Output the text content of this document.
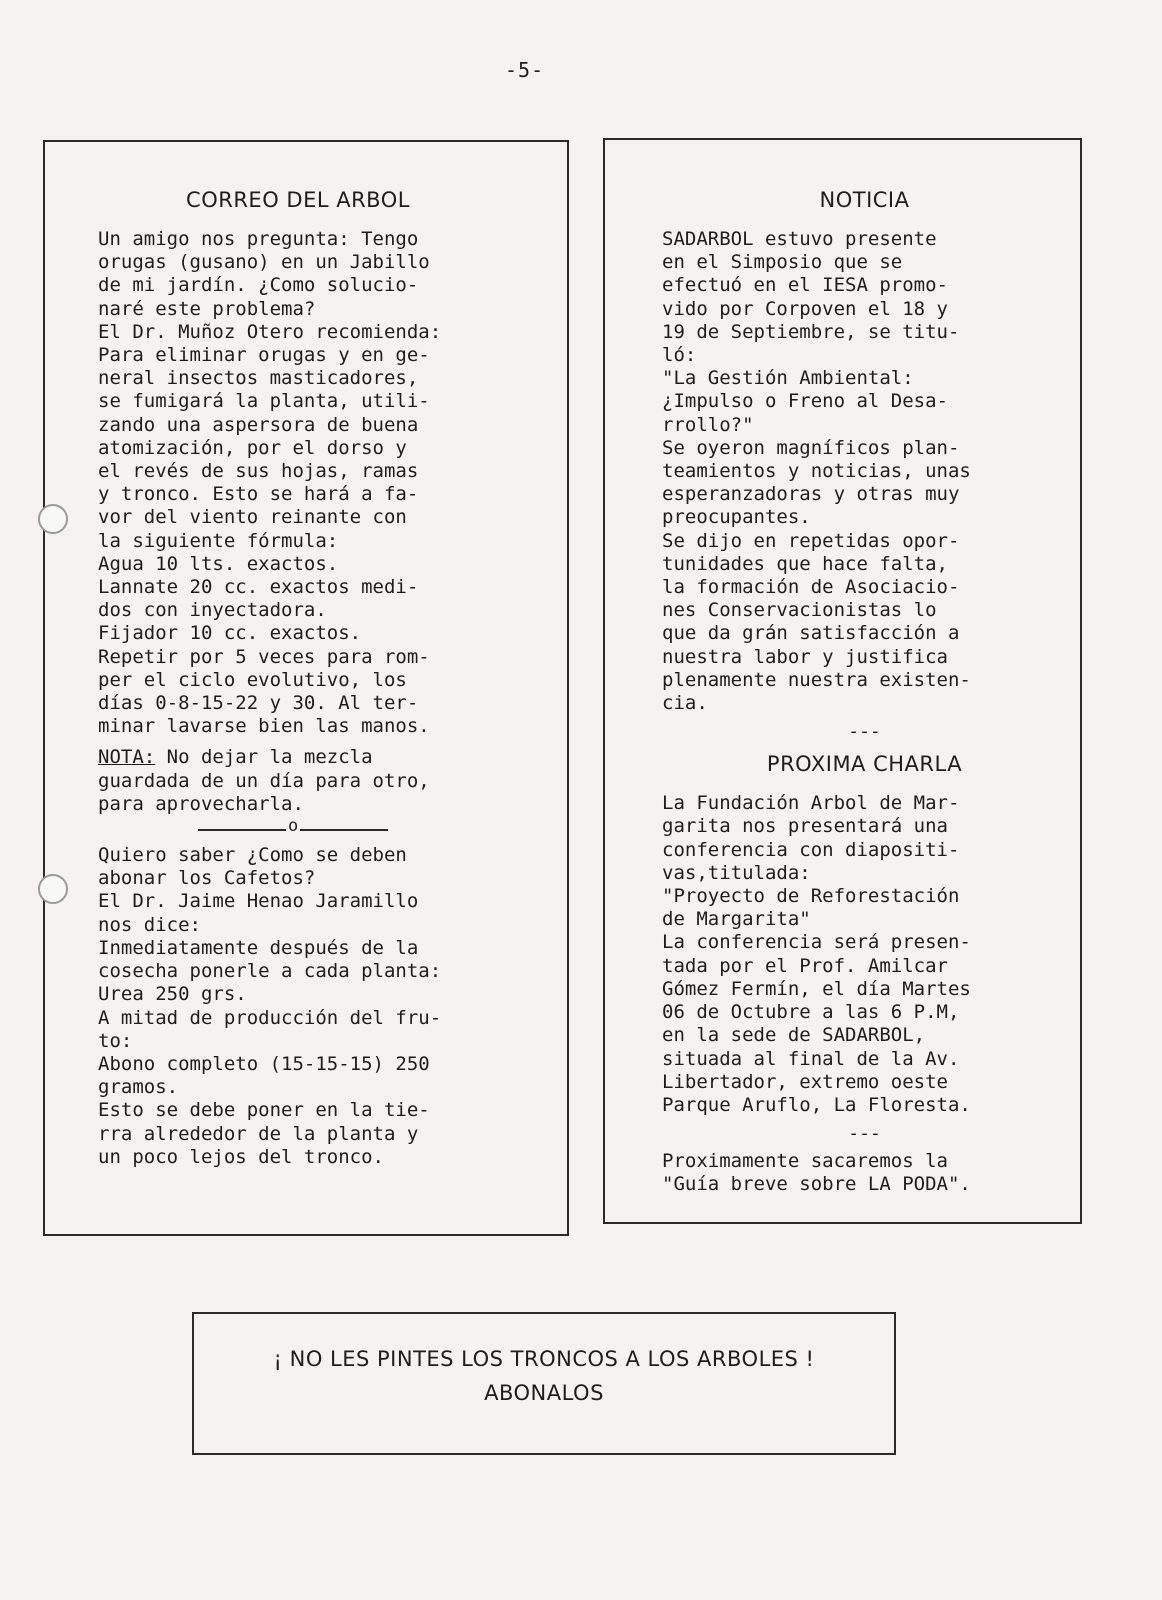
-5-
CORREO DEL ARBOL
Un amigo nos pregunta: Tengo
orugas (gusano) en un Jabillo
de mi jardín. ¿Como solucio-
naré este problema?
El Dr. Muñoz Otero recomienda:
Para eliminar orugas y en ge-
neral insectos masticadores,
se fumigará la planta, utili-
zando una aspersora de buena
atomización, por el dorso y
el revés de sus hojas, ramas
y tronco. Esto se hará a fa-
vor del viento reinante con
la siguiente fórmula:
Agua 10 lts. exactos.
Lannate 20 cc. exactos medi-
dos con inyectadora.
Fijador 10 cc. exactos.
Repetir por 5 veces para rom-
per el ciclo evolutivo, los
días 0-8-15-22 y 30. Al ter-
minar lavarse bien las manos.
NOTA: No dejar la mezcla
guardada de un día para otro,
para aprovecharla.
o
Quiero saber ¿Como se deben
abonar los Cafetos?
El Dr. Jaime Henao Jaramillo
nos dice:
Inmediatamente después de la
cosecha ponerle a cada planta:
Urea 250 grs.
A mitad de producción del fru-
to:
Abono completo (15-15-15) 250
gramos.
Esto se debe poner en la tie-
rra alrededor de la planta y
un poco lejos del tronco.
NOTICIA
SADARBOL estuvo presente
en el Simposio que se
efectuó en el IESA promo-
vido por Corpoven el 18 y
19 de Septiembre, se titu-
ló:
"La Gestión Ambiental:
¿Impulso o Freno al Desa-
rrollo?"
Se oyeron magníficos plan-
teamientos y noticias, unas
esperanzadoras y otras muy
preocupantes.
Se dijo en repetidas opor-
tunidades que hace falta,
la formación de Asociacio-
nes Conservacionistas lo
que da grán satisfacción a
nuestra labor y justifica
plenamente nuestra existen-
cia.
---
PROXIMA CHARLA
La Fundación Arbol de Mar-
garita nos presentará una
conferencia con diapositi-
vas,titulada:
"Proyecto de Reforestación
de Margarita"
La conferencia será presen-
tada por el Prof. Amilcar
Gómez Fermín, el día Martes
06 de Octubre a las 6 P.M,
en la sede de SADARBOL,
situada al final de la Av.
Libertador, extremo oeste
Parque Aruflo, La Floresta.
---
Proximamente sacaremos la
"Guía breve sobre LA PODA".
¡ NO LES PINTES LOS TRONCOS A LOS ARBOLES !
ABONALOS
